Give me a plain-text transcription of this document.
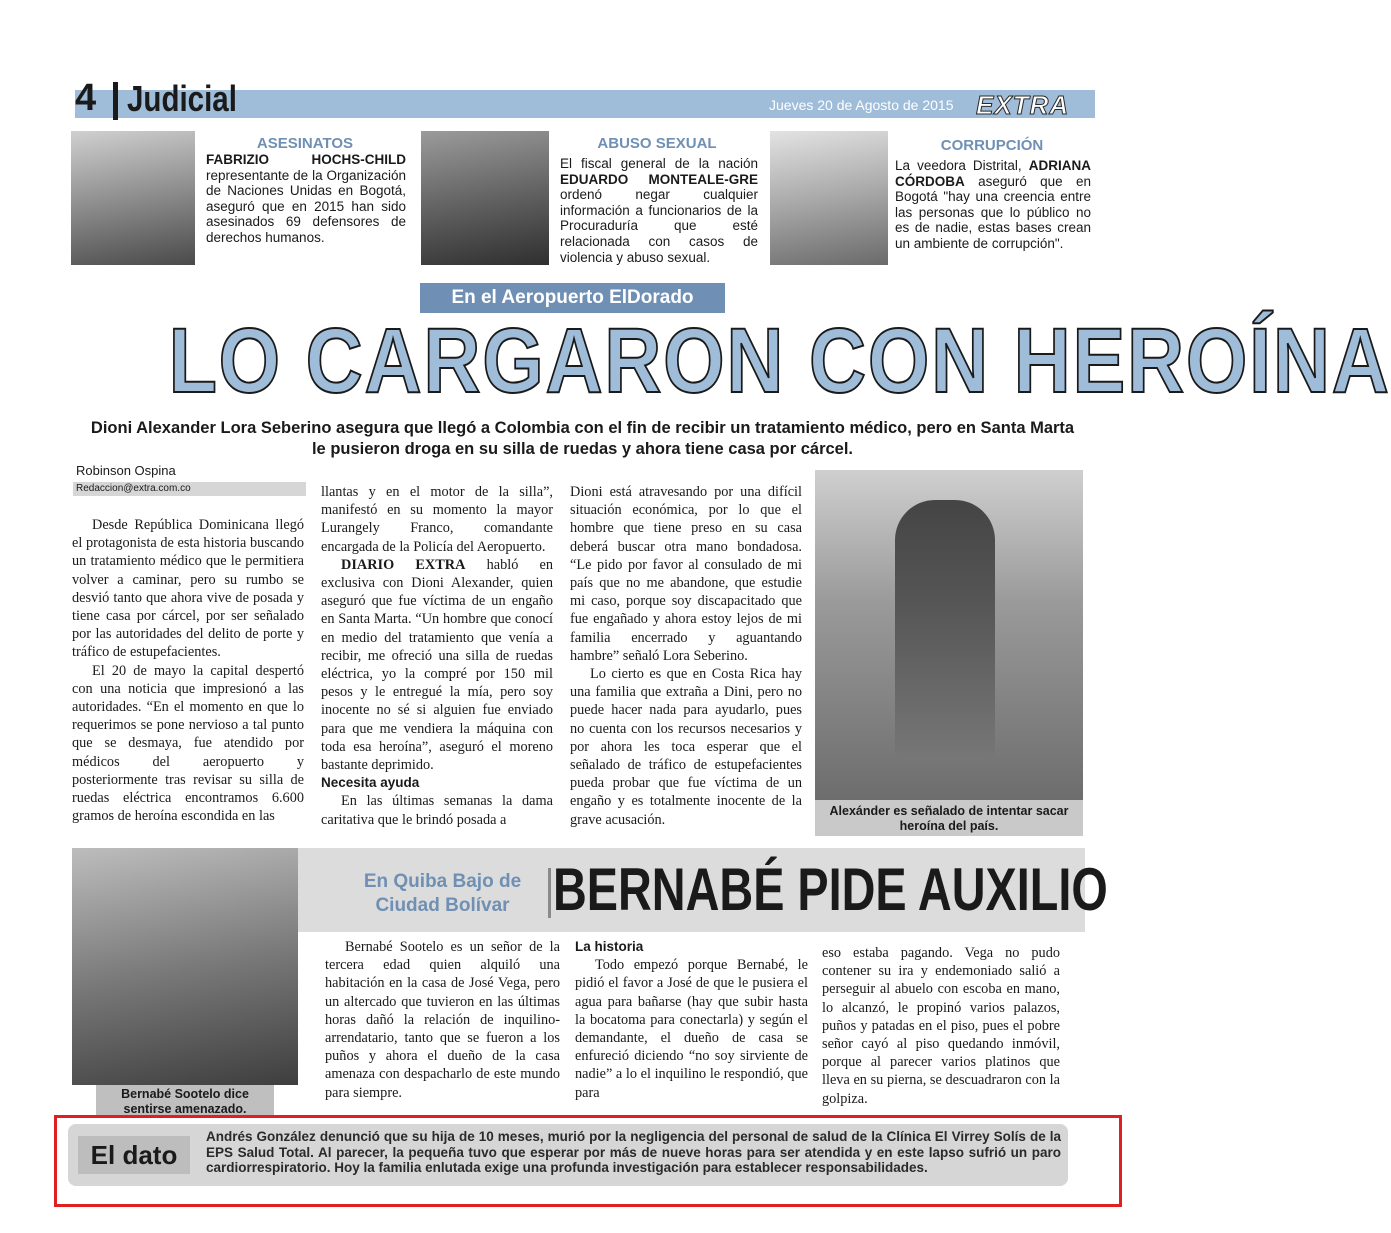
4 Judicial	Jueves 20 de Agosto de 2015 EXTRA
ASESINATOS
FABRIZIO HOCHS-CHILD representante de la Organización de Naciones Unidas en Bogotá, aseguró que en 2015 han sido asesinados 69 defensores de derechos humanos.
ABUSO SEXUAL
El fiscal general de la nación EDUARDO MONTEALE-GRE ordenó negar cualquier información a funcionarios de la Procuraduría que esté relacionada con casos de violencia y abuso sexual.
CORRUPCIÓN
La veedora Distrital, ADRIANA CÓRDOBA aseguró que en Bogotá "hay una creencia entre las personas que lo público no es de nadie, estas bases crean un ambiente de corrupción".
En el Aeropuerto ElDorado
LO CARGARON CON HEROÍNA
Dioni Alexander Lora Seberino asegura que llegó a Colombia con el fin de recibir un tratamiento médico, pero en Santa Marta le pusieron droga en su silla de ruedas y ahora tiene casa por cárcel.
Robinson Ospina
Redaccion@extra.com.co

Desde República Dominicana llegó el protagonista de esta historia buscando un tratamiento médico que le permitiera volver a caminar, pero su rumbo se desvió tanto que ahora vive de posada y tiene casa por cárcel, por ser señalado por las autoridades del delito de porte y tráfico de estupefacientes.

El 20 de mayo la capital despertó con una noticia que impresionó a las autoridades. “En el momento en que lo requerimos se pone nervioso a tal punto que se desmaya, fue atendido por médicos del aeropuerto y posteriormente tras revisar su silla de ruedas eléctrica encontramos 6.600 gramos de heroína escondida en las

llantas y en el motor de la silla”, manifestó en su momento la mayor Lurangely Franco, comandante encargada de la Policía del Aeropuerto.

DIARIO EXTRA habló en exclusiva con Dioni Alexander, quien aseguró que fue víctima de un engaño en Santa Marta. “Un hombre que conocí en medio del tratamiento que venía a recibir, me ofreció una silla de ruedas eléctrica, yo la compré por 150 mil pesos y le entregué la mía, pero soy inocente no sé si alguien fue enviado para que me vendiera la máquina con toda esa heroína”, aseguró el moreno bastante deprimido.

Necesita ayuda

En las últimas semanas la dama caritativa que le brindó posada a

Dioni está atravesando por una difícil situación económica, por lo que el hombre que tiene preso en su casa deberá buscar otra mano bondadosa. “Le pido por favor al consulado de mi país que no me abandone, que estudie mi caso, porque soy discapacitado que fue engañado y ahora estoy lejos de mi familia encerrado y aguantando hambre” señaló Lora Seberino.

Lo cierto es que en Costa Rica hay una familia que extraña a Dini, pero no puede hacer nada para ayudarlo, pues no cuenta con los recursos necesarios y por ahora les toca esperar que el señalado de tráfico de estupefacientes pueda probar que fue víctima de un engaño y es totalmente inocente de la grave acusación.

Alexánder es señalado de intentar sacar heroína del país.
Bernabé Sootelo dice sentirse amenazado.
En Quiba Bajo de Ciudad Bolívar BERNABÉ PIDE AUXILIO

Bernabé Sootelo es un señor de la tercera edad quien alquiló una habitación en la casa de José Vega, pero un altercado que tuvieron en las últimas horas dañó la relación de inquilino-arrendatario, tanto que se fueron a los puños y ahora el dueño de la casa amenaza con despacharlo de este mundo para siempre.

La historia

Todo empezó porque Bernabé, le pidió el favor a José de que le pusiera el agua para bañarse (hay que subir hasta la bocatoma para conectarla) y según el demandante, el dueño de casa se enfureció diciendo “no soy sirviente de nadie” a lo el inquilino le respondió, que para

eso estaba pagando. Vega no pudo contener su ira y endemoniado salió a perseguir al abuelo con escoba en mano, lo alcanzó, le propinó varios palazos, puños y patadas en el piso, pues el pobre señor cayó al piso quedando inmóvil, porque al parecer varios platinos que lleva en su pierna, se descuadraron con la golpiza.

El dato
Andrés González denunció que su hija de 10 meses, murió por la negligencia del personal de salud de la Clínica El Virrey Solís de la EPS Salud Total. Al parecer, la pequeña tuvo que esperar por más de nueve horas para ser atendida y en este lapso sufrió un paro cardiorrespiratorio. Hoy la familia enlutada exige una profunda investigación para establecer responsabilidades.
